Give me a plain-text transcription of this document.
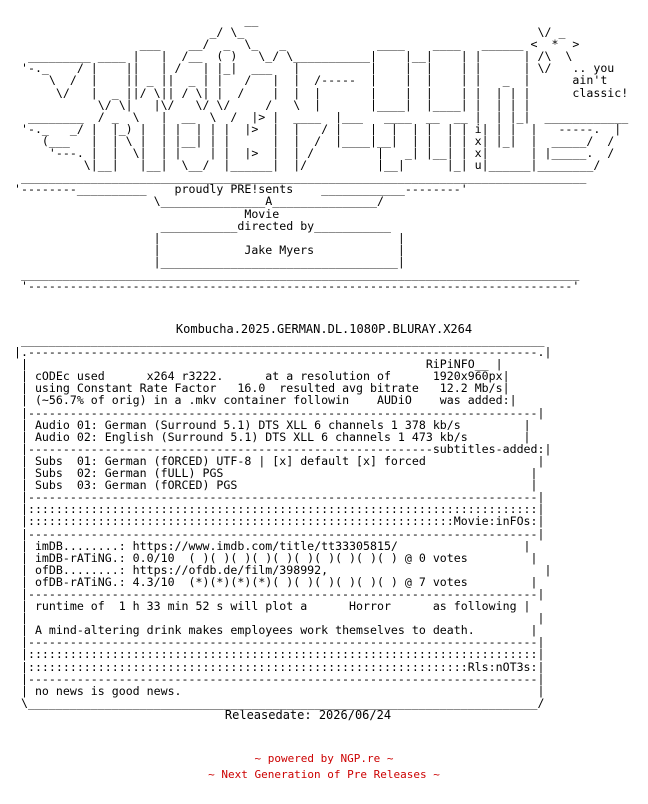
__
_/ \_                                          \/ _
___    __/  _  \_   _             ____    ____   ______ <  *  >
_________ ____ |   |  /__  ( )   \_/ \___________|    |__|    | |      | /\  \
'-._    / |    ||   | /   | |_|  ___   |          |    |  |    | |      | \/   .. you
\  /  |    || _ ||  _ | |   /   |  |  /-----  |    |  |    | |   _  |	ain't
\/   |  _ ||/ \|| / \| |  /    |  |  |       |    |  |    | |  | | |	classic!
\/ \|   |\/   \/ \/     /   \  |       |____|  |____| |  | | |
________  / _  \   |  __  \  /  |> |  ____  |___   ____  __  __ |  | |_|  ____________
'-._   _/ |  |_) |  | |  | | |  |>  |  |   / |    |  |  | |  | | i| | |  |   -----.  |
(___   |  | \ |  | |__| | |      |  |  /  |____|__|  | |  | | x| |_|  |  _____/  /
'---. |  |  \|  | |    | |  |>  |  | /         |   _| |__| | x|      | |_____.  /
\|__|   |__|  \__/  |______|  |/          |__|      |_| u|______|________/
_________________________________________________________________________________
'--------__________    proudly PRE!sents    ____________--------'
\_______________A_______________/
Movie
___________directed by___________
|                                  |
|	Jake Myers	|
|__________________________________|
________________________________________________________________________________
'------------------------------------------------------------------------------'
Kombucha.2025.GERMAN.DL.1080P.BLURAY.X264
___________________________________________________________________________
|.-------------------------------------------------------------------------.|
|	RiPiNFO__ |
| cODEc used      x264 r3222.      at a resolution of      1920x960px|
| using Constant Rate Factor   16.0  resulted avg bitrate   12.2 Mb/s|
| (~56.7% of orig) in a .mkv container followin    AUDiO    was added:|
|-------------------------------------------------------------------------|
| Audio 01: German (Surround 5.1) DTS XLL 6 channels 1 378 kb/s	|
| Audio 02: English (Surround 5.1) DTS XLL 6 channels 1 473 kb/s	|
|----------------------------------------------------------subtitles-added:|
| Subs  01: German (fORCED) UTF-8 | [x] default [x] forced	|
| Subs  02: German (fULL) PGS	|
| Subs  03: German (fORCED) PGS	|
|-------------------------------------------------------------------------|
|:::::::::::::::::::::::::::::::::::::::::::::::::::::::::::::::::::::::::|
|:::::::::::::::::::::::::::::::::::::::::::::::::::::::::::::Movie:inFOs:|
|-------------------------------------------------------------------------|
| imDB........: https://www.imdb.com/title/tt33305815/	|
| imDB-rATiNG.: 0.0/10  ( )( )( )( )( )( )( )( )( )( ) @ 0 votes	|
| ofDB........: https://ofdb.de/film/398992,	|
| ofDB-rATiNG.: 4.3/10  (*)(*)(*)(*)( )( )( )( )( )( ) @ 7 votes	|
|-------------------------------------------------------------------------|
| runtime of  1 h 33 min 52 s will plot a      Horror      as following |
|                                                                         |
| A mind-altering drink makes employees work themselves to death.	|
|-------------------------------------------------------------------------|
|:::::::::::::::::::::::::::::::::::::::::::::::::::::::::::::::::::::::::|
|:::::::::::::::::::::::::::::::::::::::::::::::::::::::::::::::Rls:nOT3s:|
|-------------------------------------------------------------------------|
| no news is good news.	|
\_________________________________________________________________________/
Releasedate: 2026/06/24
~ powered by NGP.re ~
~ Next Generation of Pre Releases ~
